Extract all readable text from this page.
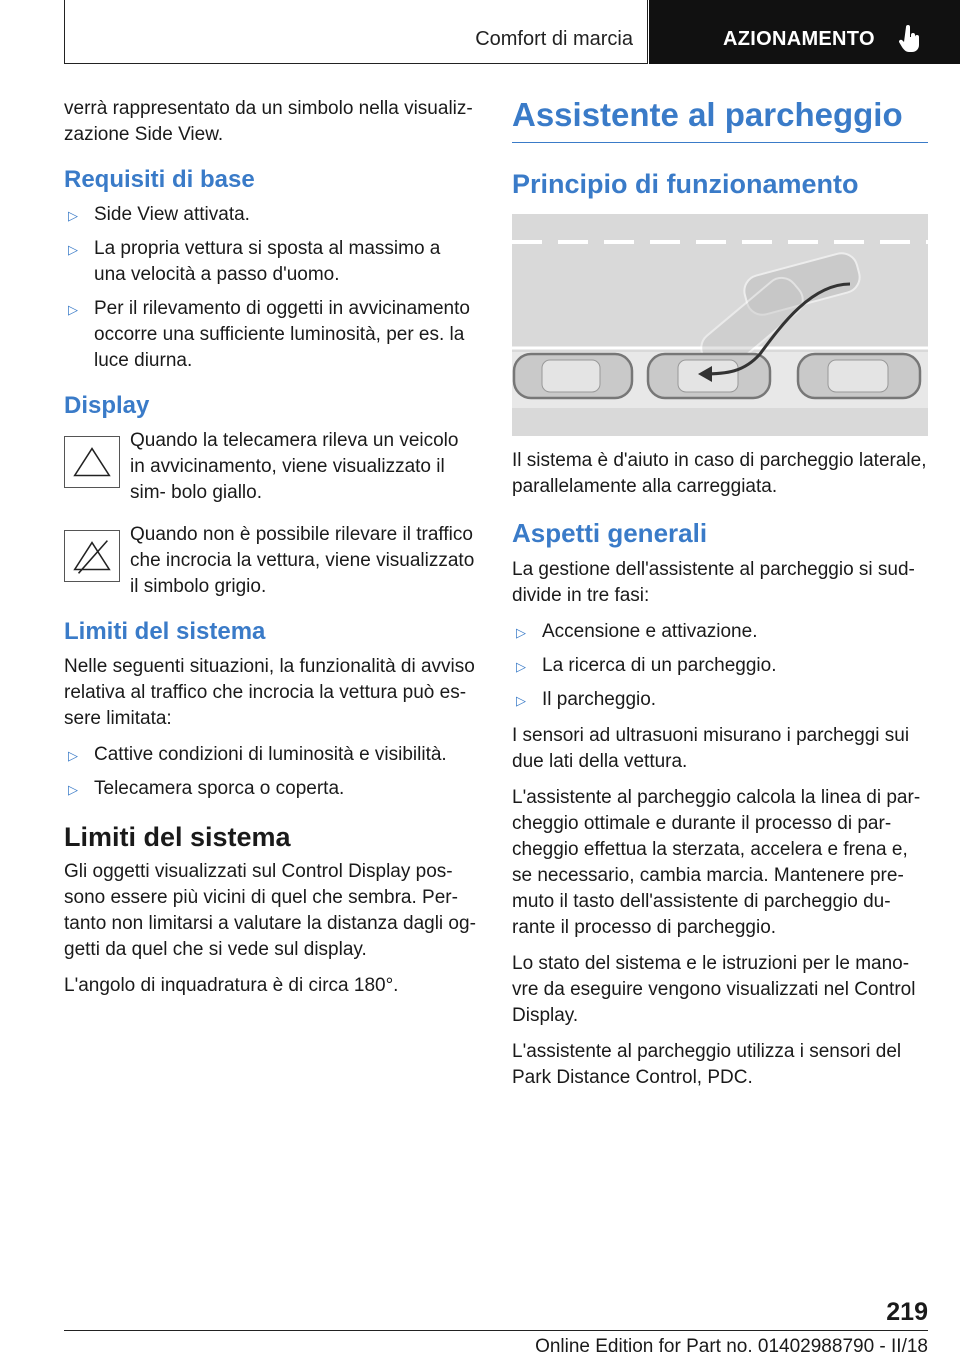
Comfort di marcia	AZIONAMENTO

verrà rappresentato da un simbolo nella visualiz‐ zazione Side View.

Requisiti di base
▷ Side View attivata.
▷ La propria vettura si sposta al massimo a una velocità a passo d'uomo.
▷ Per il rilevamento di oggetti in avvicinamento occorre una sufficiente luminosità, per es. la luce diurna.
Display

Quando la telecamera rileva un veicolo in avvicinamento, viene visualizzato il sim‐ bolo giallo.

Quando non è possibile rilevare il traffico che incrocia la vettura, viene visualizzato il simbolo grigio.

Limiti del sistema

Nelle seguenti situazioni, la funzionalità di avviso relativa al traffico che incrocia la vettura può es‐ sere limitata:

▷ Cattive condizioni di luminosità e visibilità.
▷ Telecamera sporca o coperta.
Limiti del sistema

Gli oggetti visualizzati sul Control Display pos‐ sono essere più vicini di quel che sembra. Per‐ tanto non limitarsi a valutare la distanza dagli og‐ getti da quel che si vede sul display.

L'angolo di inquadratura è di circa 180°.

Assistente al parcheggio
Principio di funzionamento

Il sistema è d'aiuto in caso di parcheggio laterale, parallelamente alla carreggiata.

Aspetti generali

La gestione dell'assistente al parcheggio si sud‐ divide in tre fasi:

▷ Accensione e attivazione.
▷ La ricerca di un parcheggio.
▷ Il parcheggio.

I sensori ad ultrasuoni misurano i parcheggi sui due lati della vettura.

L'assistente al parcheggio calcola la linea di par‐ cheggio ottimale e durante il processo di par‐ cheggio effettua la sterzata, accelera e frena e, se necessario, cambia marcia. Mantenere pre‐ muto il tasto dell'assistente di parcheggio du‐ rante il processo di parcheggio.

Lo stato del sistema e le istruzioni per le mano‐ vre da eseguire vengono visualizzati nel Control Display.

L'assistente al parcheggio utilizza i sensori del Park Distance Control, PDC.

219
Online Edition for Part no. 01402988790 - II/18
